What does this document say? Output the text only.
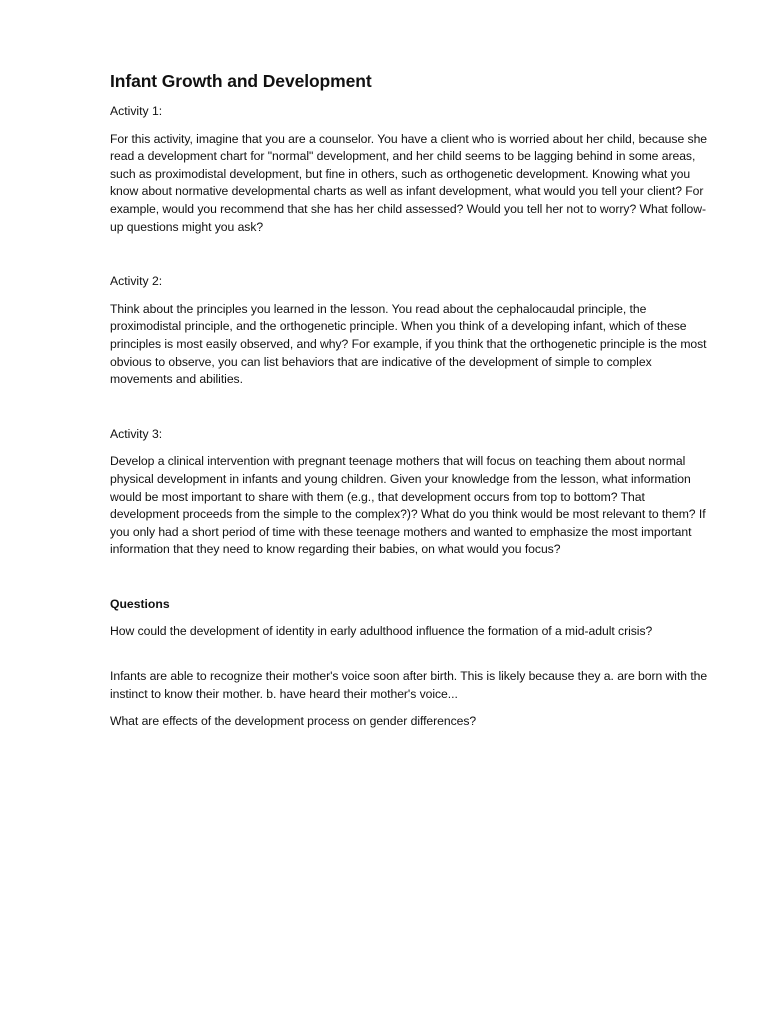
Infant Growth and Development
Activity 1:

For this activity, imagine that you are a counselor. You have a client who is worried about her child, because she read a development chart for "normal" development, and her child seems to be lagging behind in some areas, such as proximodistal development, but fine in others, such as orthogenetic development. Knowing what you know about normative developmental charts as well as infant development, what would you tell your client? For example, would you recommend that she has her child assessed? Would you tell her not to worry? What follow-up questions might you ask?

Activity 2:

Think about the principles you learned in the lesson. You read about the cephalocaudal principle, the proximodistal principle, and the orthogenetic principle. When you think of a developing infant, which of these principles is most easily observed, and why? For example, if you think that the orthogenetic principle is the most obvious to observe, you can list behaviors that are indicative of the development of simple to complex movements and abilities.

Activity 3:

Develop a clinical intervention with pregnant teenage mothers that will focus on teaching them about normal physical development in infants and young children. Given your knowledge from the lesson, what information would be most important to share with them (e.g., that development occurs from top to bottom? That development proceeds from the simple to the complex?)? What do you think would be most relevant to them? If you only had a short period of time with these teenage mothers and wanted to emphasize the most important information that they need to know regarding their babies, on what would you focus?

Questions

How could the development of identity in early adulthood influence the formation of a mid-adult crisis?

Infants are able to recognize their mother's voice soon after birth. This is likely because they a. are born with the instinct to know their mother. b. have heard their mother's voice...

What are effects of the development process on gender differences?
